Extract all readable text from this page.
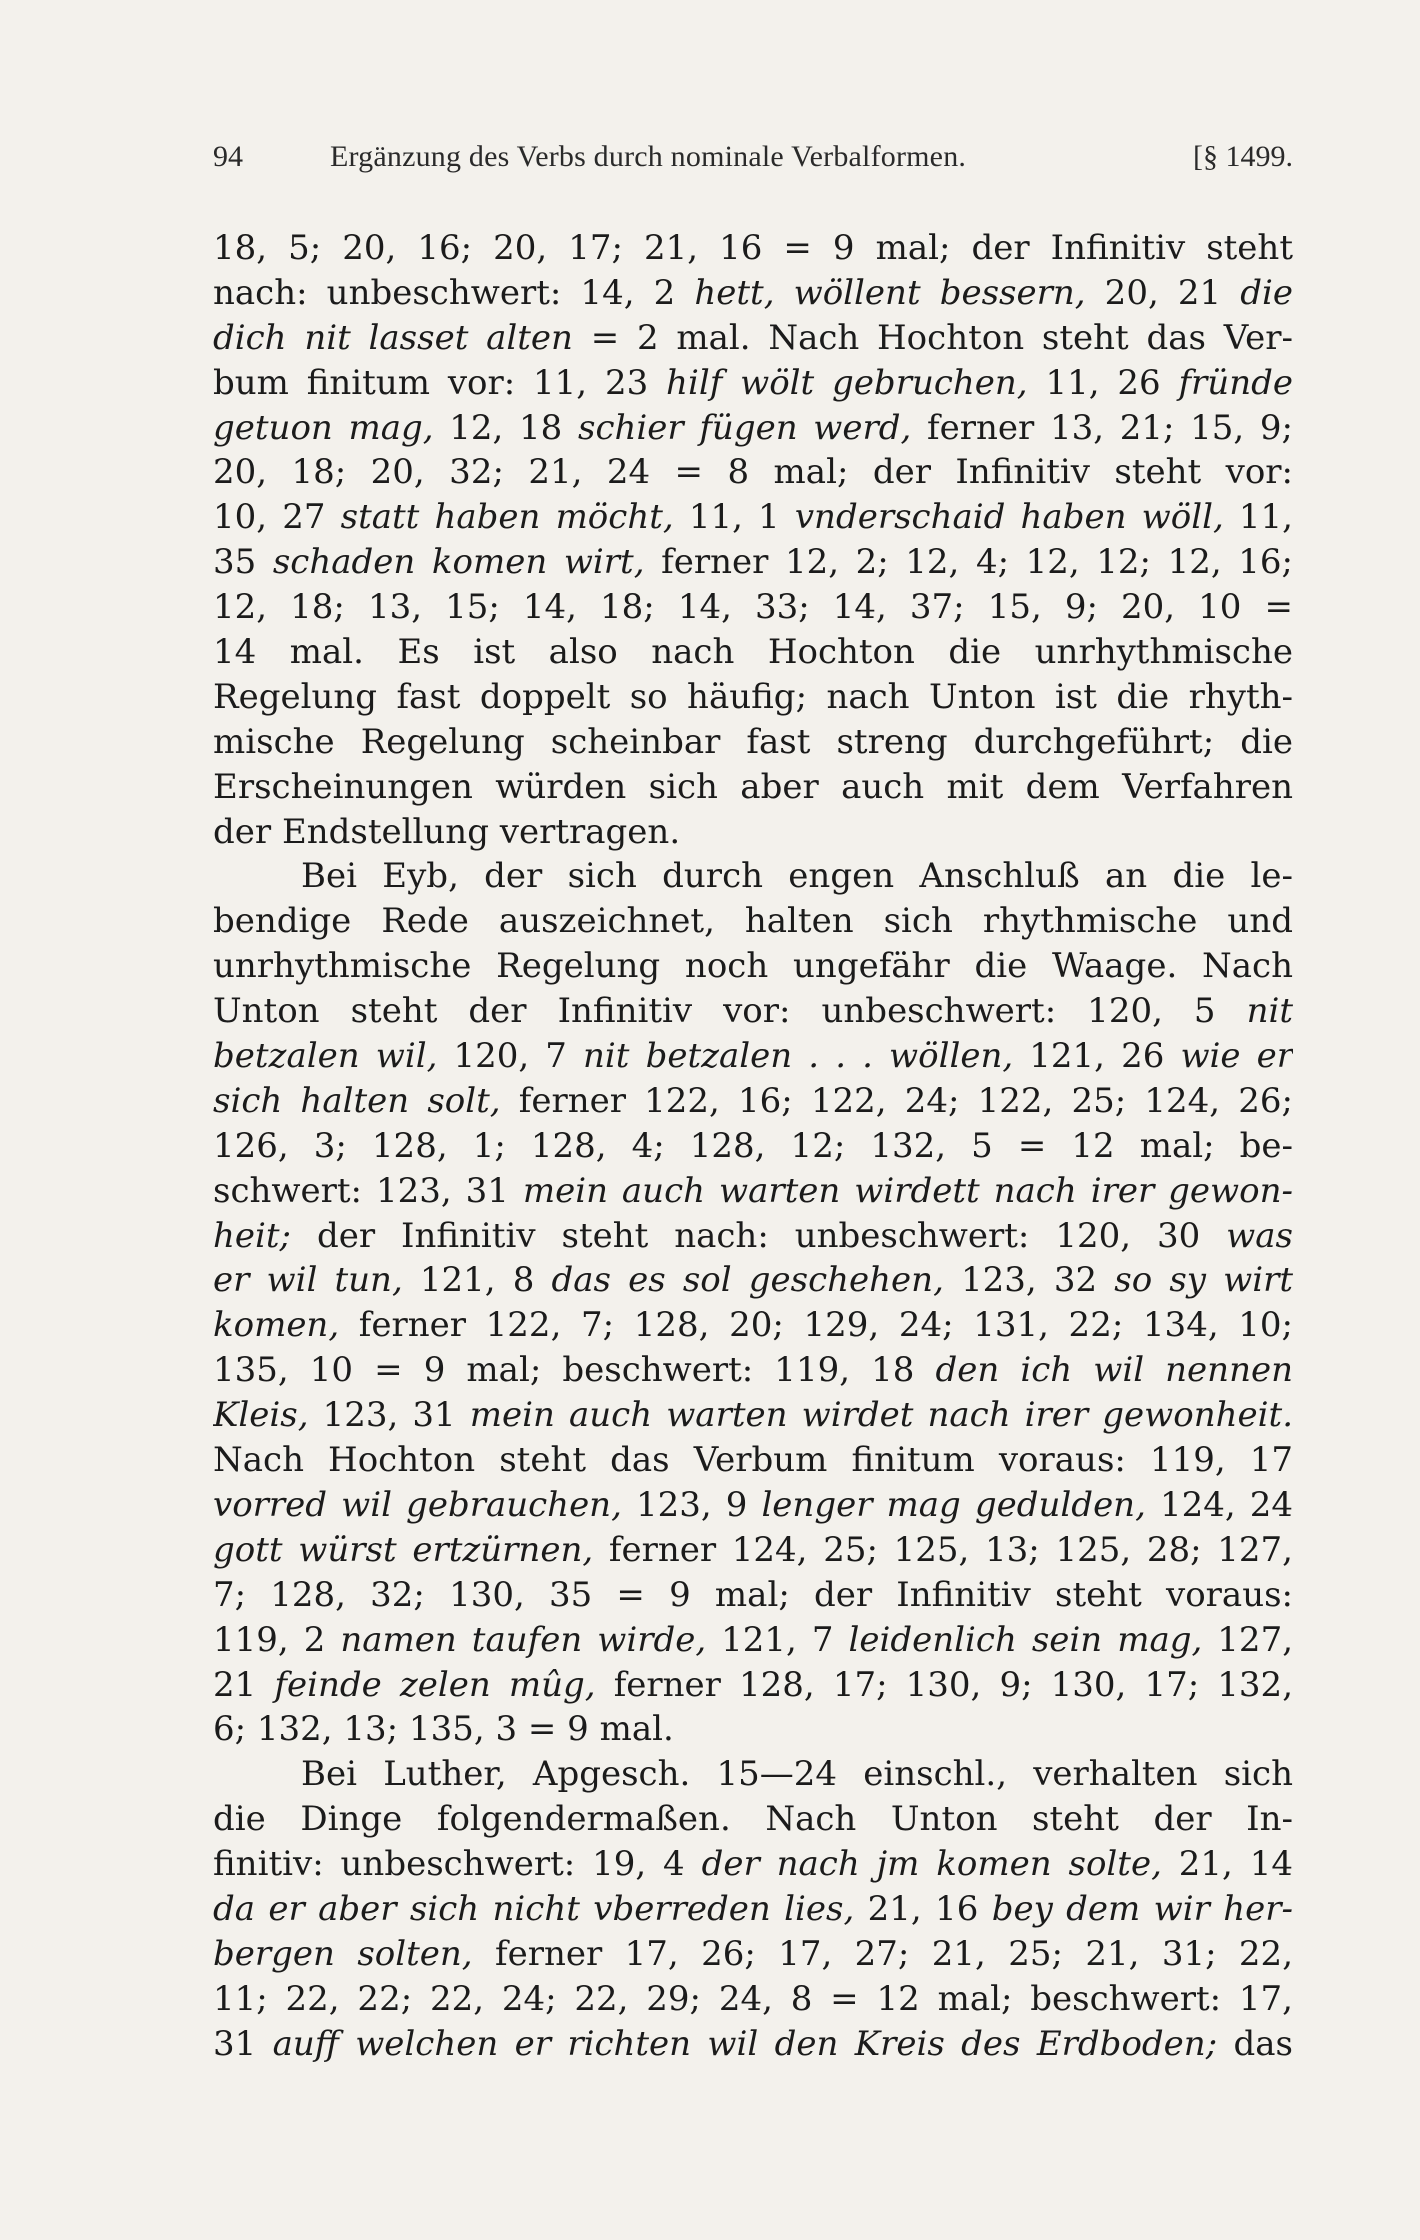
94	Ergänzung des Verbs durch nominale Verbalformen.	[§ 1499.
18, 5; 20, 16; 20, 17; 21, 16 = 9 mal; der Infinitiv steht
nach: unbeschwert: 14, 2 hett, wöllent bessern, 20, 21 die
dich nit lasset alten = 2 mal. Nach Hochton steht das Ver-
bum finitum vor: 11, 23 hilf wölt gebruchen, 11, 26 fründe
getuon mag, 12, 18 schier fügen werd, ferner 13, 21; 15, 9;
20, 18; 20, 32; 21, 24 = 8 mal; der Infinitiv steht vor:
10, 27 statt haben möcht, 11, 1 vnderschaid haben wöll, 11,
35 schaden komen wirt, ferner 12, 2; 12, 4; 12, 12; 12, 16;
12, 18; 13, 15; 14, 18; 14, 33; 14, 37; 15, 9; 20, 10 =
14 mal. Es ist also nach Hochton die unrhythmische
Regelung fast doppelt so häufig; nach Unton ist die rhyth-
mische Regelung scheinbar fast streng durchgeführt; die
Erscheinungen würden sich aber auch mit dem Verfahren
der Endstellung vertragen.
Bei Eyb, der sich durch engen Anschluß an die le-
bendige Rede auszeichnet, halten sich rhythmische und
unrhythmische Regelung noch ungefähr die Waage. Nach
Unton steht der Infinitiv vor: unbeschwert: 120, 5 nit
betzalen wil, 120, 7 nit betzalen . . . wöllen, 121, 26 wie er
sich halten solt, ferner 122, 16; 122, 24; 122, 25; 124, 26;
126, 3; 128, 1; 128, 4; 128, 12; 132, 5 = 12 mal; be-
schwert: 123, 31 mein auch warten wirdett nach irer gewon-
heit; der Infinitiv steht nach: unbeschwert: 120, 30 was
er wil tun, 121, 8 das es sol geschehen, 123, 32 so sy wirt
komen, ferner 122, 7; 128, 20; 129, 24; 131, 22; 134, 10;
135, 10 = 9 mal; beschwert: 119, 18 den ich wil nennen
Kleis, 123, 31 mein auch warten wirdet nach irer gewonheit.
Nach Hochton steht das Verbum finitum voraus: 119, 17
vorred wil gebrauchen, 123, 9 lenger mag gedulden, 124, 24
gott würst ertzürnen, ferner 124, 25; 125, 13; 125, 28; 127,
7; 128, 32; 130, 35 = 9 mal; der Infinitiv steht voraus:
119, 2 namen taufen wirde, 121, 7 leidenlich sein mag, 127,
21 feinde zelen mûg, ferner 128, 17; 130, 9; 130, 17; 132,
6; 132, 13; 135, 3 = 9 mal.
Bei Luther, Apgesch. 15—24 einschl., verhalten sich
die Dinge folgendermaßen. Nach Unton steht der In-
finitiv: unbeschwert: 19, 4 der nach jm komen solte, 21, 14
da er aber sich nicht vberreden lies, 21, 16 bey dem wir her-
bergen solten, ferner 17, 26; 17, 27; 21, 25; 21, 31; 22,
11; 22, 22; 22, 24; 22, 29; 24, 8 = 12 mal; beschwert: 17,
31 auff welchen er richten wil den Kreis des Erdboden; das
